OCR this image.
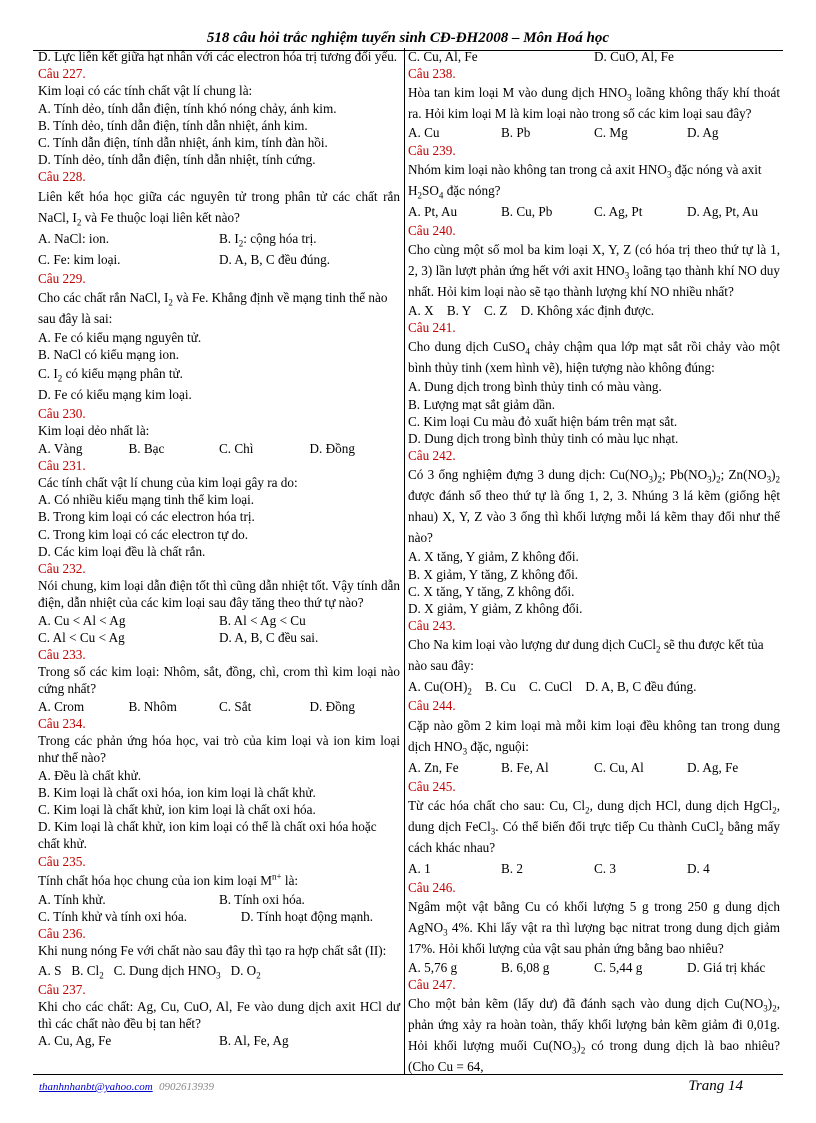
518 câu hỏi trắc nghiệm tuyển sinh CĐ-ĐH2008 – Môn Hoá học
D. Lực liên kết giữa hạt nhân với các electron hóa trị tương đối yếu.
Câu 227.
Kim loại có các tính chất vật lí chung là:
A. Tính dẻo, tính dẫn điện, tính khó nóng chảy, ánh kim.
B. Tính dẻo, tính dẫn điện, tính dẫn nhiệt, ánh kim.
C. Tính dẫn điện, tính dẫn nhiệt, ánh kim, tính đàn hồi.
D. Tính dẻo, tính dẫn điện, tính dẫn nhiệt, tính cứng.
Câu 228.
Liên kết hóa học giữa các nguyên tử trong phân tử các chất rắn NaCl, $I_2$ và Fe thuộc loại liên kết nào?
A. NaCl: ion.	B. $I_2$: cộng hóa trị.
C. Fe: kim loại.	D. A, B, C đều đúng.
Câu 229.
Cho các chất rắn NaCl, $I_2$ và Fe. Khẳng định về mạng tinh thể nào sau đây là sai:
A. Fe có kiểu mạng nguyên tử.
B. NaCl có kiểu mạng ion.
C. $I_2$ có kiểu mạng phân tử.
D. Fe có kiểu mạng kim loại.
Câu 230.
Kim loại dẻo nhất là:
A. Vàng	B. Bạc	C. Chì	D. Đồng
Câu 231.
Các tính chất vật lí chung của kim loại gây ra do:
A. Có nhiều kiểu mạng tinh thể kim loại.
B. Trong kim loại có các electron hóa trị.
C. Trong kim loại có các electron tự do.
D. Các kim loại đều là chất rắn.
Câu 232.
Nói chung, kim loại dẫn điện tốt thì cũng dẫn nhiệt tốt. Vậy tính dẫn điện, dẫn nhiệt của các kim loại sau đây tăng theo thứ tự nào?
A. Cu < Al < Ag	B. Al < Ag < Cu
C. Al < Cu < Ag	D. A, B, C đều sai.
Câu 233.
Trong số các kim loại: Nhôm, sắt, đồng, chì, crom thì kim loại nào cứng nhất?
A. Crom	B. Nhôm	C. Sắt	D. Đồng
Câu 234.
Trong các phản ứng hóa học, vai trò của kim loại và ion kim loại như thế nào?
A. Đều là chất khử.
B. Kim loại là chất oxi hóa, ion kim loại là chất khử.
C. Kim loại là chất khử, ion kim loại là chất oxi hóa.
D. Kim loại là chất khử, ion kim loại có thể là chất oxi hóa hoặc chất khử.
Câu 235.
Tính chất hóa học chung của ion kim loại $M^{n+}$ là:
A. Tính khử.	B. Tính oxi hóa.
C. Tính khử và tính oxi hóa.	D. Tính hoạt động mạnh.
Câu 236.
Khi nung nóng Fe với chất nào sau đây thì tạo ra hợp chất sắt (II):
A. S B. $Cl_2$ C. Dung dịch $HNO_3$ D. $O_2$
Câu 237.
Khi cho các chất: Ag, Cu, CuO, Al, Fe vào dung dịch axit HCl dư thì các chất nào đều bị tan hết?
A. Cu, Ag, Fe	B. Al, Fe, Ag
C. Cu, Al, Fe	D. CuO, Al, Fe
Câu 238.
Hòa tan kim loại M vào dung dịch $HNO_3$ loãng không thấy khí thoát ra. Hỏi kim loại M là kim loại nào trong số các kim loại sau đây?
A. Cu	B. Pb	C. Mg	D. Ag
Câu 239.
Nhóm kim loại nào không tan trong cả axit $HNO_3$ đặc nóng và axit $H_2SO_4$ đặc nóng?
A. Pt, Au	B. Cu, Pb	C. Ag, Pt	D. Ag, Pt, Au
Câu 240.
Cho cùng một số mol ba kim loại X, Y, Z (có hóa trị theo thứ tự là 1, 2, 3) lần lượt phản ứng hết với axit $HNO_3$ loãng tạo thành khí NO duy nhất. Hỏi kim loại nào sẽ tạo thành lượng khí NO nhiều nhất?
A. X    B. Y    C. Z    D. Không xác định được.
Câu 241.
Cho dung dịch CuSO$_4$ chảy chậm qua lớp mạt sắt rồi chảy vào một bình thủy tinh (xem hình vẽ), hiện tượng nào không đúng:
A. Dung dịch trong bình thủy tinh có màu vàng.
B. Lượng mạt sắt giảm dần.
C. Kim loại Cu màu đỏ xuất hiện bám trên mạt sắt.
D. Dung dịch trong bình thủy tinh có màu lục nhạt.
Câu 242.
Có 3 ống nghiệm đựng 3 dung dịch: $Cu(NO_3)_2$; $Pb(NO_3)_2$; $Zn(NO_3)_2$ được đánh số theo thứ tự là ống 1, 2, 3. Nhúng 3 lá kẽm (giống hệt nhau) X, Y, Z vào 3 ống thì khối lượng mỗi lá kẽm thay đổi như thế nào?
A. X tăng, Y giảm, Z không đổi.
B. X giảm, Y tăng, Z không đổi.
C. X tăng, Y tăng, Z không đổi.
D. X giảm, Y giảm, Z không đổi.
Câu 243.
Cho Na kim loại vào lượng dư dung dịch CuCl$_2$ sẽ thu được kết tủa nào sau đây:
A. $Cu(OH)_2$ B. Cu    C. CuCl    D. A, B, C đều đúng.
Câu 244.
Cặp nào gồm 2 kim loại mà mỗi kim loại đều không tan trong dung dịch $HNO_3$ đặc, nguội:
A. Zn, Fe	B. Fe, Al	C. Cu, Al	D. Ag, Fe
Câu 245.
Từ các hóa chất cho sau: Cu, $Cl_2$, dung dịch HCl, dung dịch HgCl$_2$, dung dịch FeCl$_3$. Có thể biến đổi trực tiếp Cu thành CuCl$_2$ bằng mấy cách khác nhau?
A. 1	B. 2	C. 3	D. 4
Câu 246.
Ngâm một vật bằng Cu có khối lượng 5 g trong 250 g dung dịch AgNO$_3$ 4%. Khi lấy vật ra thì lượng bạc nitrat trong dung dịch giảm 17%. Hỏi khối lượng của vật sau phản ứng bằng bao nhiêu?
A. 5,76 g	B. 6,08 g	C. 5,44 g	D. Giá trị khác
Câu 247.
Cho một bản kẽm (lấy dư) đã đánh sạch vào dung dịch $Cu(NO_3)_2$, phản ứng xảy ra hoàn toàn, thấy khối lượng bản kẽm giảm đi 0,01g. Hỏi khối lượng muối $Cu(NO_3)_2$ có trong dung dịch là bao nhiêu? (Cho Cu = 64,
thanhnhanbt@yahoo.com 0902613939	Trang 14
